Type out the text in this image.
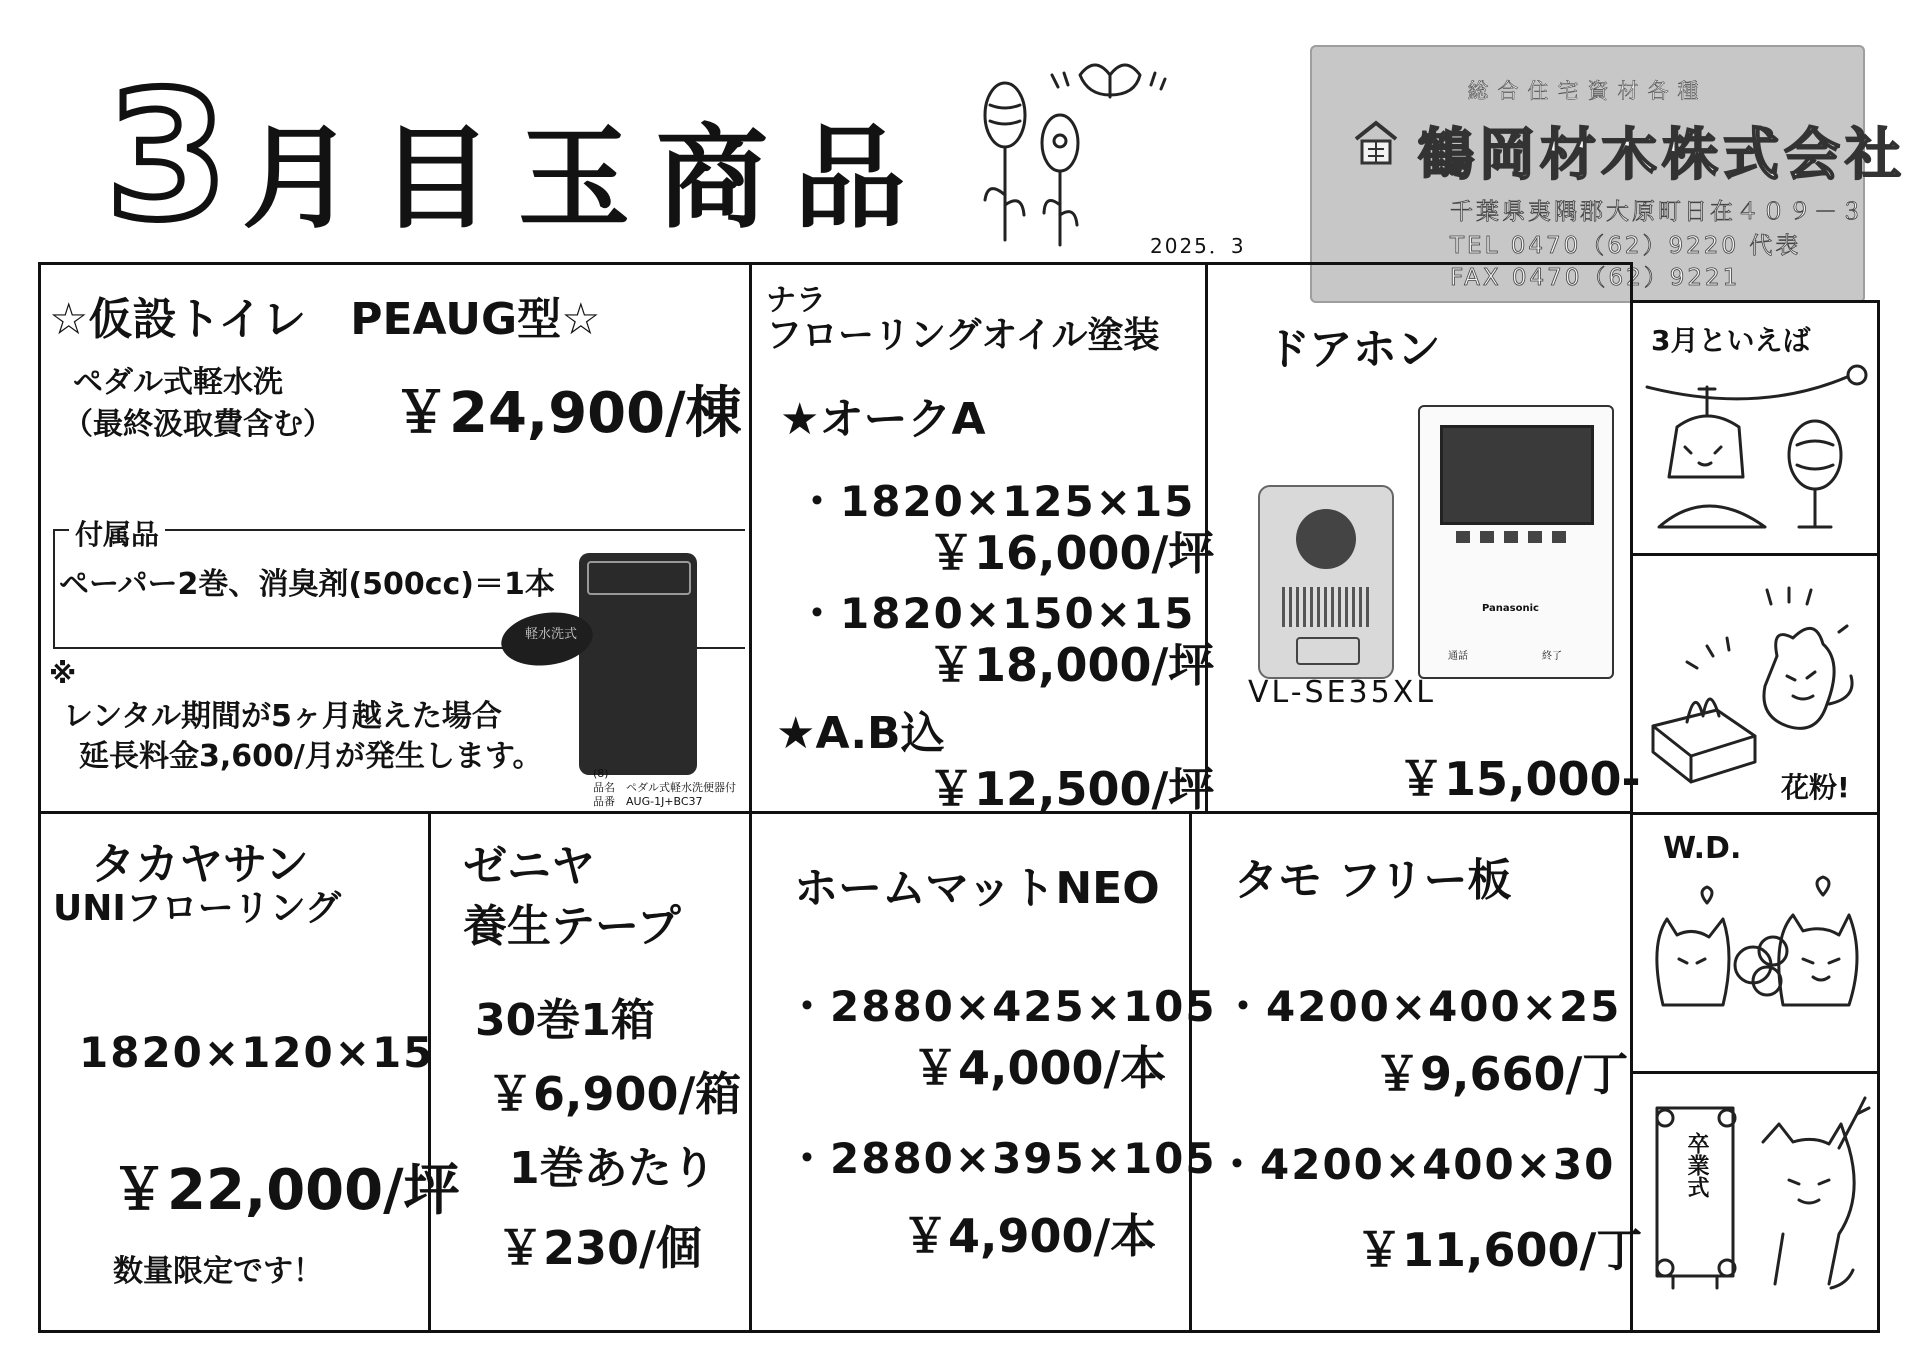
3 月目玉商品
2025．3
総合住宅資材各種
鶴岡材木株式会社
千葉県夷隅郡大原町日在４０９－３
TEL 0470（62）9220 代表
FAX 0470（62）9221
☆仮設トイレ　PEAUG型☆
ペダル式軽水洗
（最終汲取費含む） ￥24,900/棟
付属品
ペーパー2巻、消臭剤(500cc)＝1本
※
レンタル期間が5ヶ月越えた場合
延長料金3,600/月が発生します。
軽水洗式
(8)
品名　ペダル式軽水洗便器付
品番　AUG-1J+BC37
ナラ
フローリングオイル塗装
★オークA
・1820×125×15
￥16,000/坪
・1820×150×15
￥18,000/坪
★A.B込
￥12,500/坪
ドアホン
Panasonic
通話	終了
VL-SE35XL
￥15,000-
タカヤサン
UNIフローリング
1820×120×15
￥22,000/坪
数量限定です！
ゼニヤ
養生テープ
30巻1箱
￥6,900/箱
1巻あたり
￥230/個
ホームマットNEO
・2880×425×105
￥4,000/本
・2880×395×105
￥4,900/本
タモ フリー板
・4200×400×25
￥9,660/丁
・4200×400×30
￥11,600/丁
3月といえば
花粉!
W.D.
卒業式
